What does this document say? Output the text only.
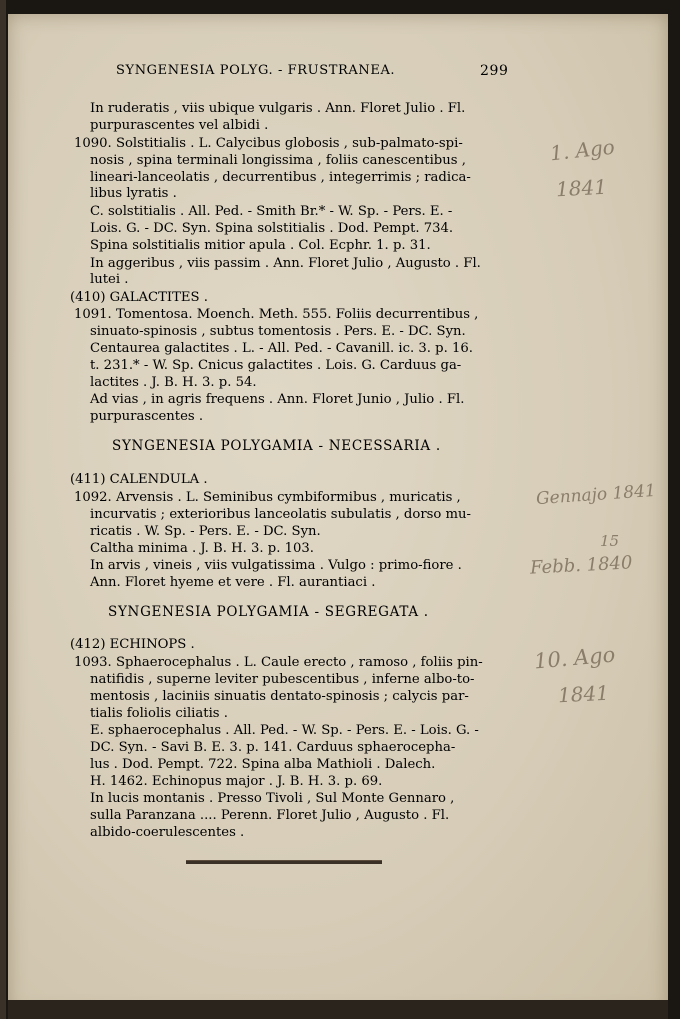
SYNGENESIA POLYG. - FRUSTRANEA.	299
In ruderatis , viis ubique vulgaris . Ann. Floret Julio . Fl.
purpurascentes vel albidi .
1090. Solstitialis . L. Calycibus globosis , sub-palmato-spi-
nosis , spina terminali longissima , foliis canescentibus ,
lineari-lanceolatis , decurrentibus , integerrimis ; radica-
libus lyratis .
C. solstitialis . All. Ped. - Smith Br.* - W. Sp. - Pers. E. -
Lois. G. - DC. Syn. Spina solstitialis . Dod. Pempt. 734.
Spina solstitialis mitior apula . Col. Ecphr. 1. p. 31.
In aggeribus , viis passim . Ann. Floret Julio , Augusto . Fl.
lutei .
(410) GALACTITES .
1091. Tomentosa. Moench. Meth. 555. Foliis decurrentibus ,
sinuato-spinosis , subtus tomentosis . Pers. E. - DC. Syn.
Centaurea galactites . L. - All. Ped. - Cavanill. ic. 3. p. 16.
t. 231.* - W. Sp. Cnicus galactites . Lois. G. Carduus ga-
lactites . J. B. H. 3. p. 54.
Ad vias , in agris frequens . Ann. Floret Junio , Julio . Fl.
purpurascentes .
SYNGENESIA POLYGAMIA - NECESSARIA .
(411) CALENDULA .
1092. Arvensis . L. Seminibus cymbiformibus , muricatis ,
incurvatis ; exterioribus lanceolatis subulatis , dorso mu-
ricatis . W. Sp. - Pers. E. - DC. Syn.
Caltha minima . J. B. H. 3. p. 103.
In arvis , vineis , viis vulgatissima . Vulgo : primo-fiore .
Ann. Floret hyeme et vere . Fl. aurantiaci .
SYNGENESIA POLYGAMIA - SEGREGATA .
(412) ECHINOPS .
1093. Sphaerocephalus . L. Caule erecto , ramoso , foliis pin-
natifidis , superne leviter pubescentibus , inferne albo-to-
mentosis , laciniis sinuatis dentato-spinosis ; calycis par-
tialis foliolis ciliatis .
E. sphaerocephalus . All. Ped. - W. Sp. - Pers. E. - Lois. G. -
DC. Syn. - Savi B. E. 3. p. 141. Carduus sphaerocepha-
lus . Dod. Pempt. 722. Spina alba Mathioli . Dalech.
H. 1462. Echinopus major . J. B. H. 3. p. 69.
In lucis montanis . Presso Tivoli , Sul Monte Gennaro ,
sulla Paranzana .... Perenn. Floret Julio , Augusto . Fl.
albido-coerulescentes .
1. Ago
1841
Gennajo 1841
15
Febb. 1840
10. Ago
1841
